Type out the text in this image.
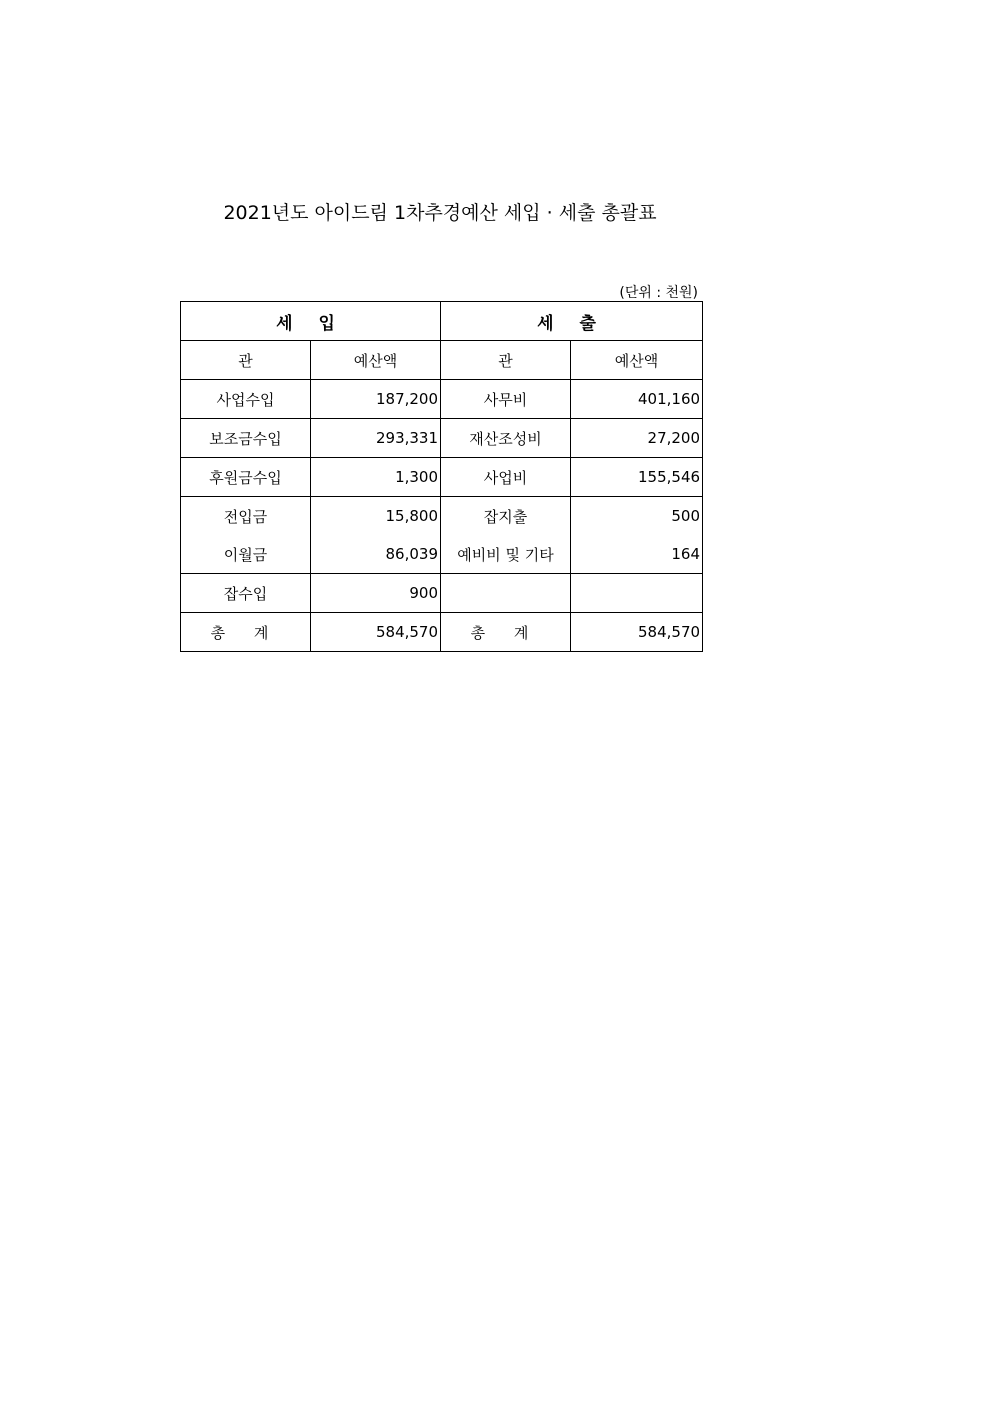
2021년도 아이드림 1차추경예산 세입 · 세출 총괄표
(단위 : 천원)
세 입		세 출	
관	예산액	관	예산액
사업수입	187,200	사무비	401,160
보조금수입	293,331	재산조성비	27,200
후원금수입	1,300	사업비	155,546
전입금	15,800	잡지출	500
이월금	86,039	예비비 및 기타	164
잡수입	900		
총 계	584,570	총 계	584,570
